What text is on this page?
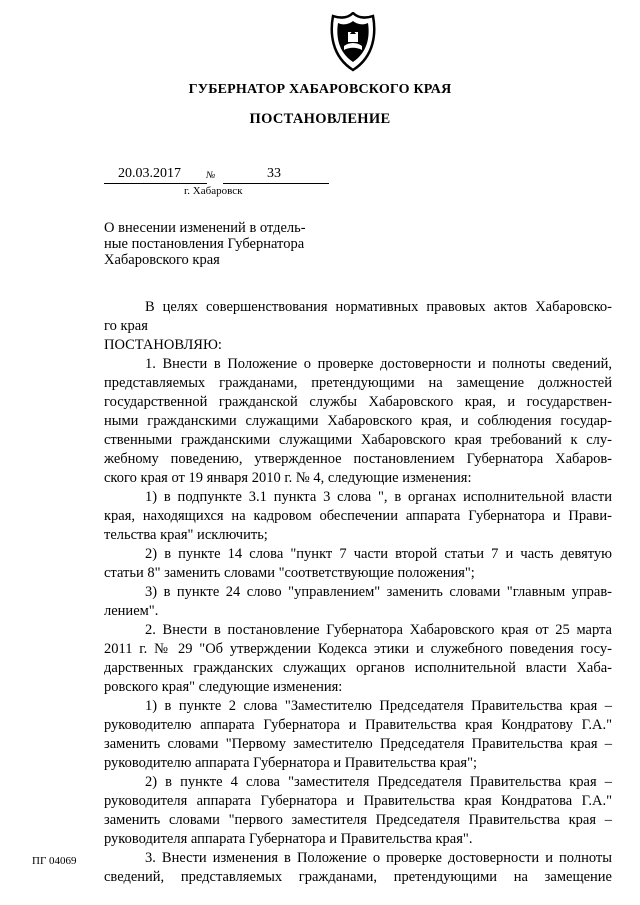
ГУБЕРНАТОР ХАБАРОВСКОГО КРАЯ
ПОСТАНОВЛЕНИЕ
20.03.2017	№	33
г. Хабаровск
О внесении изменений в отдель-
ные постановления Губернатора
Хабаровского края

В целях совершенствования нормативных правовых актов Хабаровско-

го края

ПОСТАНОВЛЯЮ:

1. Внести в Положение о проверке достоверности и полноты сведений,

представляемых гражданами, претендующими на замещение должностей

государственной гражданской службы Хабаровского края, и государствен-

ными гражданскими служащими Хабаровского края, и соблюдения государ-

ственными гражданскими служащими Хабаровского края требований к слу-

жебному поведению, утвержденное постановлением Губернатора Хабаров-

ского края от 19 января 2010 г. № 4, следующие изменения:

1) в подпункте 3.1 пункта 3 слова ", в органах исполнительной власти

края, находящихся на кадровом обеспечении аппарата Губернатора и Прави-

тельства края" исключить;

2) в пункте 14 слова "пункт 7 части второй статьи 7 и часть девятую

статьи 8" заменить словами "соответствующие положения";

3) в пункте 24 слово "управлением" заменить словами "главным управ-

лением".

2. Внести в постановление Губернатора Хабаровского края от 25 марта

2011 г. № 29 "Об утверждении Кодекса этики и служебного поведения госу-

дарственных гражданских служащих органов исполнительной власти Хаба-

ровского края" следующие изменения:

1) в пункте 2 слова "Заместителю Председателя Правительства края –

руководителю аппарата Губернатора и Правительства края Кондратову Г.А."

заменить словами "Первому заместителю Председателя Правительства края –

руководителю аппарата Губернатора и Правительства края";

2) в пункте 4 слова "заместителя Председателя Правительства края –

руководителя аппарата Губернатора и Правительства края Кондратова Г.А."

заменить словами "первого заместителя Председателя Правительства края –

руководителя аппарата Губернатора и Правительства края".

3. Внести изменения в Положение о проверке достоверности и полноты

сведений, представляемых гражданами, претендующими на замещение

ПГ 04069
